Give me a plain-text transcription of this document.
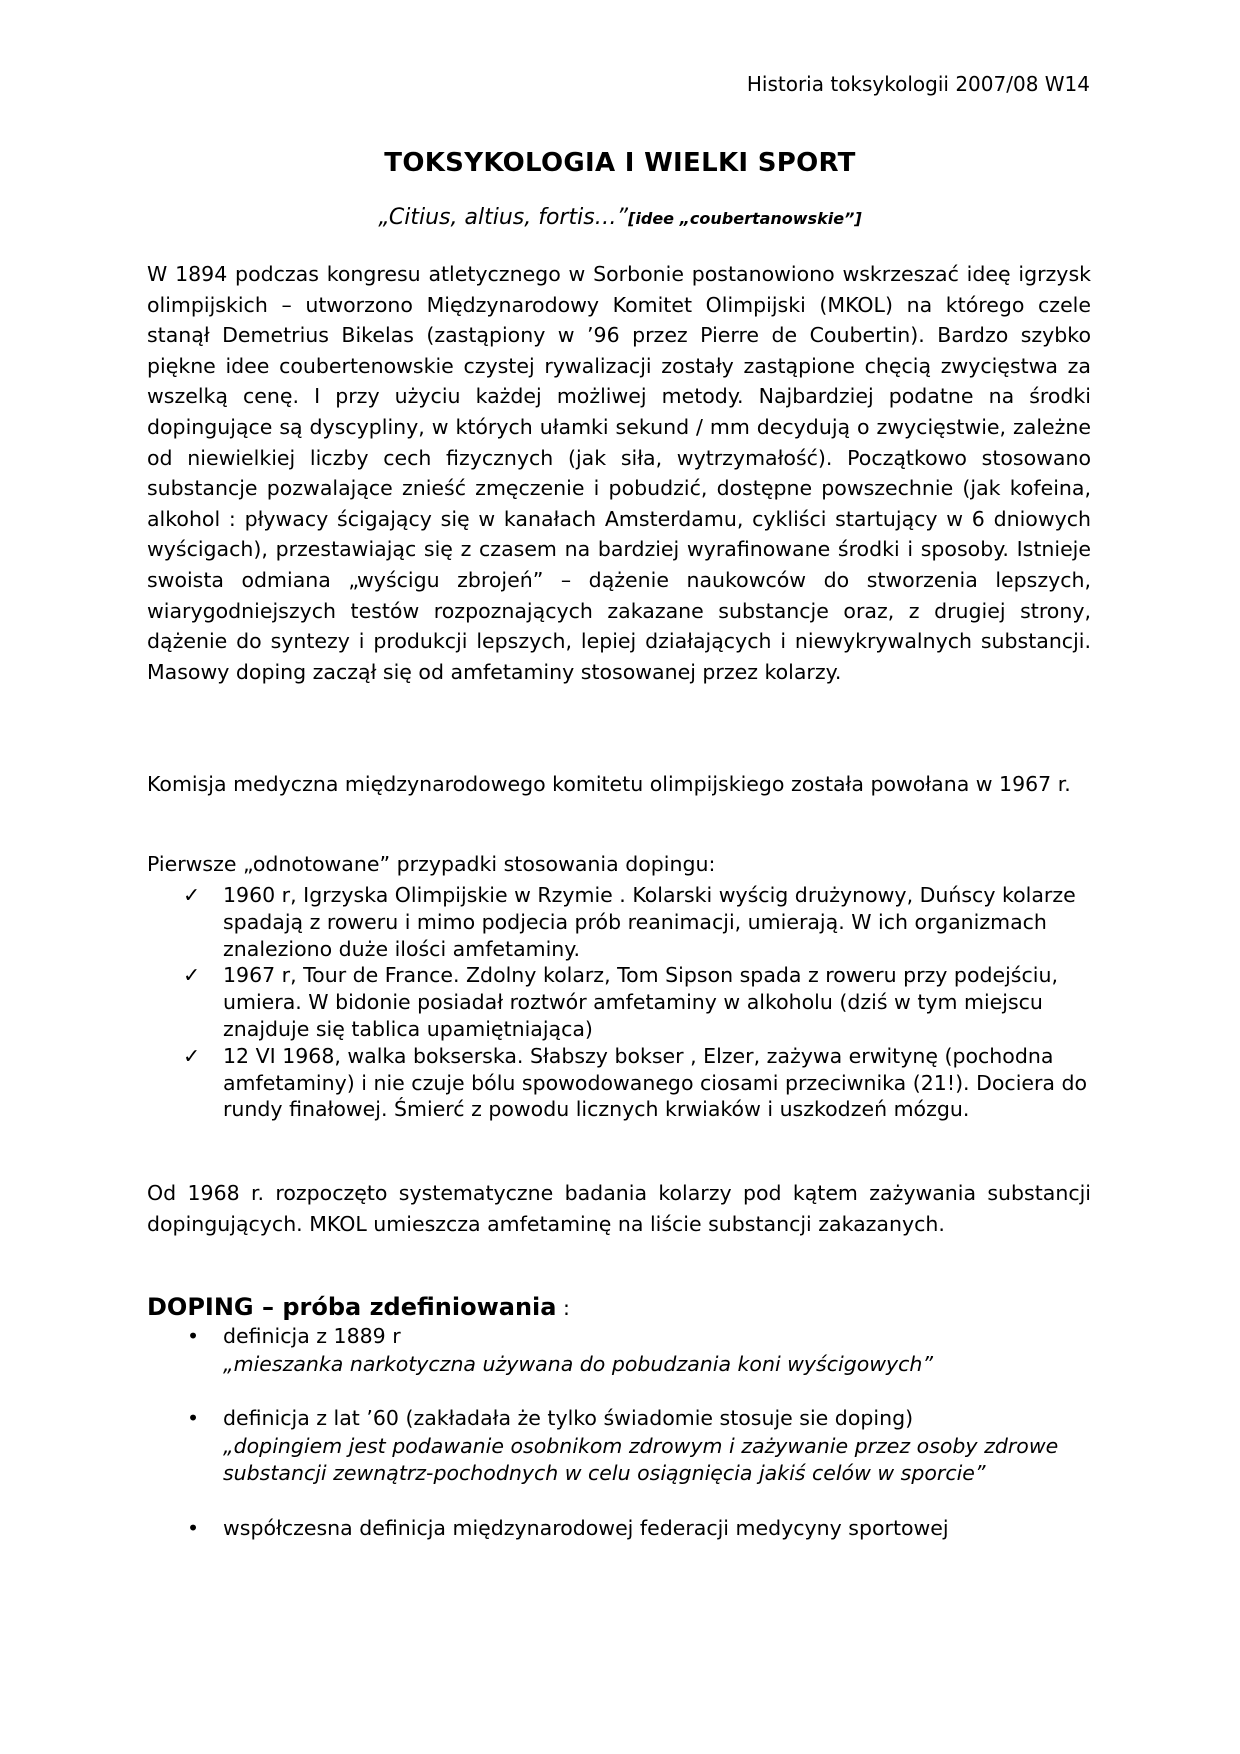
Historia toksykologii 2007/08 W14
TOKSYKOLOGIA I WIELKI SPORT
„Citius, altius, fortis…”[idee „coubertanowskie”]
W 1894 podczas kongresu atletycznego w Sorbonie postanowiono wskrzeszać ideę igrzysk olimpijskich – utworzono Międzynarodowy Komitet Olimpijski (MKOL) na którego czele stanął Demetrius Bikelas (zastąpiony w ’96 przez Pierre de Coubertin). Bardzo szybko piękne idee coubertenowskie czystej rywalizacji zostały zastąpione chęcią zwycięstwa za wszelką cenę. I przy użyciu każdej możliwej metody. Najbardziej podatne na środki dopingujące są dyscypliny, w których ułamki sekund / mm decydują o zwycięstwie, zależne od niewielkiej liczby cech fizycznych (jak siła, wytrzymałość). Początkowo stosowano substancje pozwalające znieść zmęczenie i pobudzić, dostępne powszechnie (jak kofeina, alkohol : pływacy ścigający się w kanałach Amsterdamu, cykliści startujący w 6 dniowych wyścigach), przestawiając się z czasem na bardziej wyrafinowane środki i sposoby. Istnieje swoista odmiana „wyścigu zbrojeń” – dążenie naukowców do stworzenia lepszych, wiarygodniejszych testów rozpoznających zakazane substancje oraz, z drugiej strony, dążenie do syntezy i produkcji lepszych, lepiej działających i niewykrywalnych substancji. Masowy doping zaczął się od amfetaminy stosowanej przez kolarzy.
Komisja medyczna międzynarodowego komitetu olimpijskiego została powołana w 1967 r.
Pierwsze „odnotowane” przypadki stosowania dopingu:
✓ 1960 r, Igrzyska Olimpijskie w Rzymie . Kolarski wyścig drużynowy, Duńscy kolarze spadają z roweru i mimo podjecia prób reanimacji, umierają. W ich organizmach znaleziono duże ilości amfetaminy.
✓ 1967 r, Tour de France. Zdolny kolarz, Tom Sipson spada z roweru przy podejściu, umiera. W bidonie posiadał roztwór amfetaminy w alkoholu (dziś w tym miejscu znajduje się tablica upamiętniająca)
✓ 12 VI 1968, walka bokserska. Słabszy bokser , Elzer, zażywa erwitynę (pochodna amfetaminy) i nie czuje bólu spowodowanego ciosami przeciwnika (21!). Dociera do rundy finałowej. Śmierć z powodu licznych krwiaków i uszkodzeń mózgu.
Od 1968 r. rozpoczęto systematyczne badania kolarzy pod kątem zażywania substancji dopingujących. MKOL umieszcza amfetaminę na liście substancji zakazanych.
DOPING – próba zdefiniowania :
• definicja z 1889 r
„mieszanka narkotyczna używana do pobudzania koni wyścigowych”
• definicja z lat ’60 (zakładała że tylko świadomie stosuje sie doping)
„dopingiem jest podawanie osobnikom zdrowym i zażywanie przez osoby zdrowe substancji zewnątrz-pochodnych w celu osiągnięcia jakiś celów w sporcie”
• współczesna definicja międzynarodowej federacji medycyny sportowej
